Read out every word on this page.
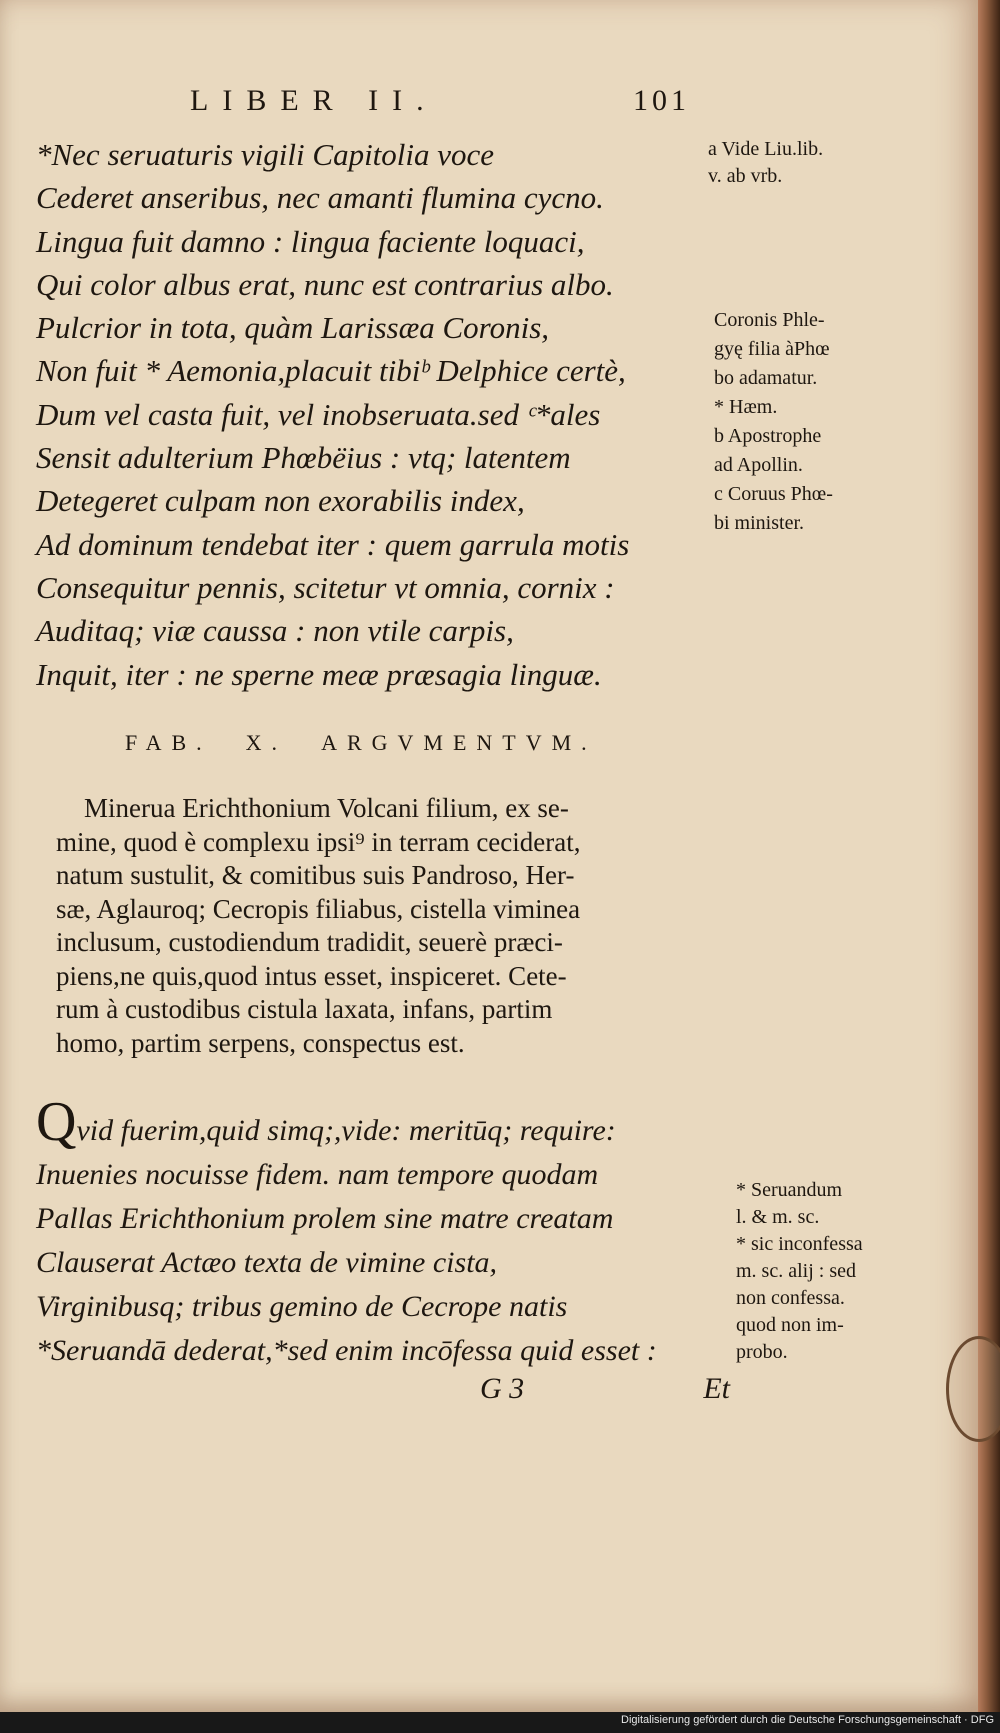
LIBER II.	101
*Nec seruaturis vigili Capitolia voce
Cederet anseribus, nec amanti flumina cycno.
Lingua fuit damno : lingua faciente loquaci,
Qui color albus erat, nunc est contrarius albo.
Pulcrior in tota, quàm Larissæa Coronis,
Non fuit * Aemonia,placuit tibiᵇ Delphice certè,
Dum vel casta fuit, vel inobseruata.sed ᶜ*ales
Sensit adulterium Phœbëius : vtq; latentem
Detegeret culpam non exorabilis index,
Ad dominum tendebat iter : quem garrula motis
Consequitur pennis, scitetur vt omnia, cornix :
Auditaq; viæ caussa : non vtile carpis,
Inquit, iter : ne sperne meæ præsagia linguæ.
a Vide Liu.lib.
v. ab vrb.
Coronis Phle-
gyę filia àPhœ
bo adamatur.
* Hæm.
b Apostrophe
ad Apollin.
c Coruus Phœ-
bi minister.
FAB. X. ARGVMENTVM.
Minerua Erichthonium Volcani filium, ex se-
mine, quod è complexu ipsi⁹ in terram ceciderat,
natum sustulit, & comitibus suis Pandroso, Her-
sæ, Aglauroq; Cecropis filiabus, cistella viminea
inclusum, custodiendum tradidit, seuerè præci-
piens,ne quis,quod intus esset, inspiceret. Cete-
rum à custodibus cistula laxata, infans, partim
homo, partim serpens, conspectus est.
Qvid fuerim,quid simq;,vide: meritūq; require:
Inuenies nocuisse fidem. nam tempore quodam
Pallas Erichthonium prolem sine matre creatam
Clauserat Actæo texta de vimine cista,
Virginibusq; tribus gemino de Cecrope natis
*Seruandā dederat,*sed enim incōfessa quid esset :
* Seruandum
l. & m. sc.
* sic inconfessa
m. sc. alij : sed
non confessa.
quod non im-
probo.
G 3	Et
Digitalisierung gefördert durch die Deutsche Forschungsgemeinschaft · DFG
